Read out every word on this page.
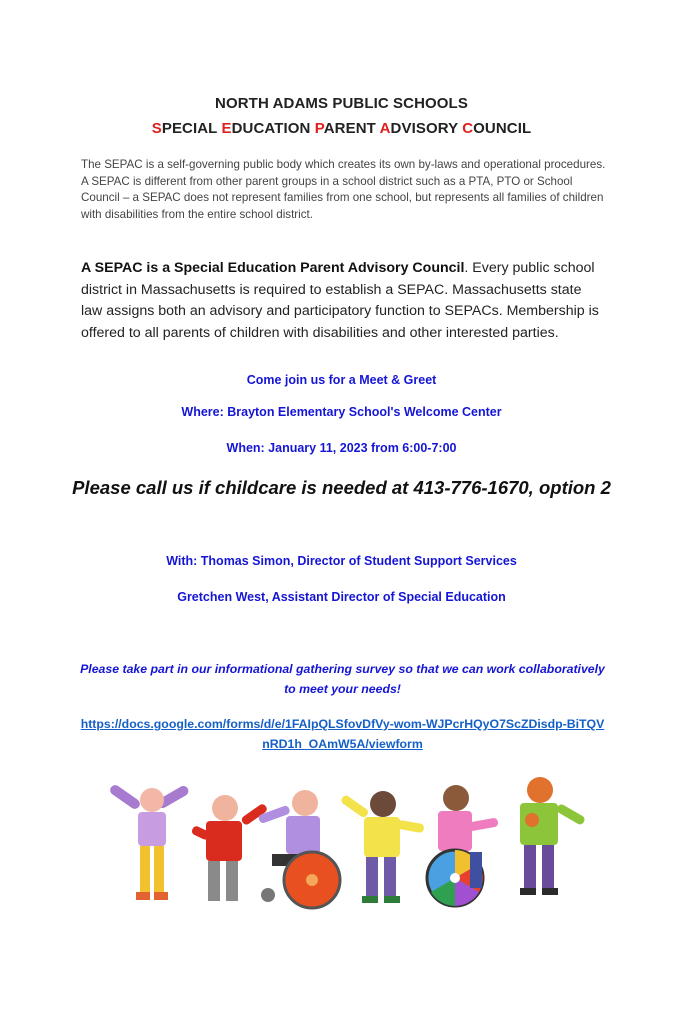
NORTH ADAMS PUBLIC SCHOOLS
SPECIAL EDUCATION PARENT ADVISORY COUNCIL

The SEPAC is a self-governing public body which creates its own by-laws and operational procedures. A SEPAC is different from other parent groups in a school district such as a PTA, PTO or School Council – a SEPAC does not represent families from one school, but represents all families of children with disabilities from the entire school district.

A SEPAC is a Special Education Parent Advisory Council. Every public school district in Massachusetts is required to establish a SEPAC. Massachusetts state law assigns both an advisory and participatory function to SEPACs. Membership is offered to all parents of children with disabilities and other interested parties.

Come join us for a Meet & Greet
Where: Brayton Elementary School's Welcome Center
When: January 11, 2023 from 6:00-7:00
Please call us if childcare is needed at 413-776-1670, option 2
With: Thomas Simon, Director of Student Support Services
Gretchen West, Assistant Director of Special Education
Please take part in our informational gathering survey so that we can work collaboratively to meet your needs!
https://docs.google.com/forms/d/e/1FAIpQLSfovDfVy-wom-WJPcrHQyO7ScZDisdp-BiTQVnRD1h_OAmW5A/viewform
